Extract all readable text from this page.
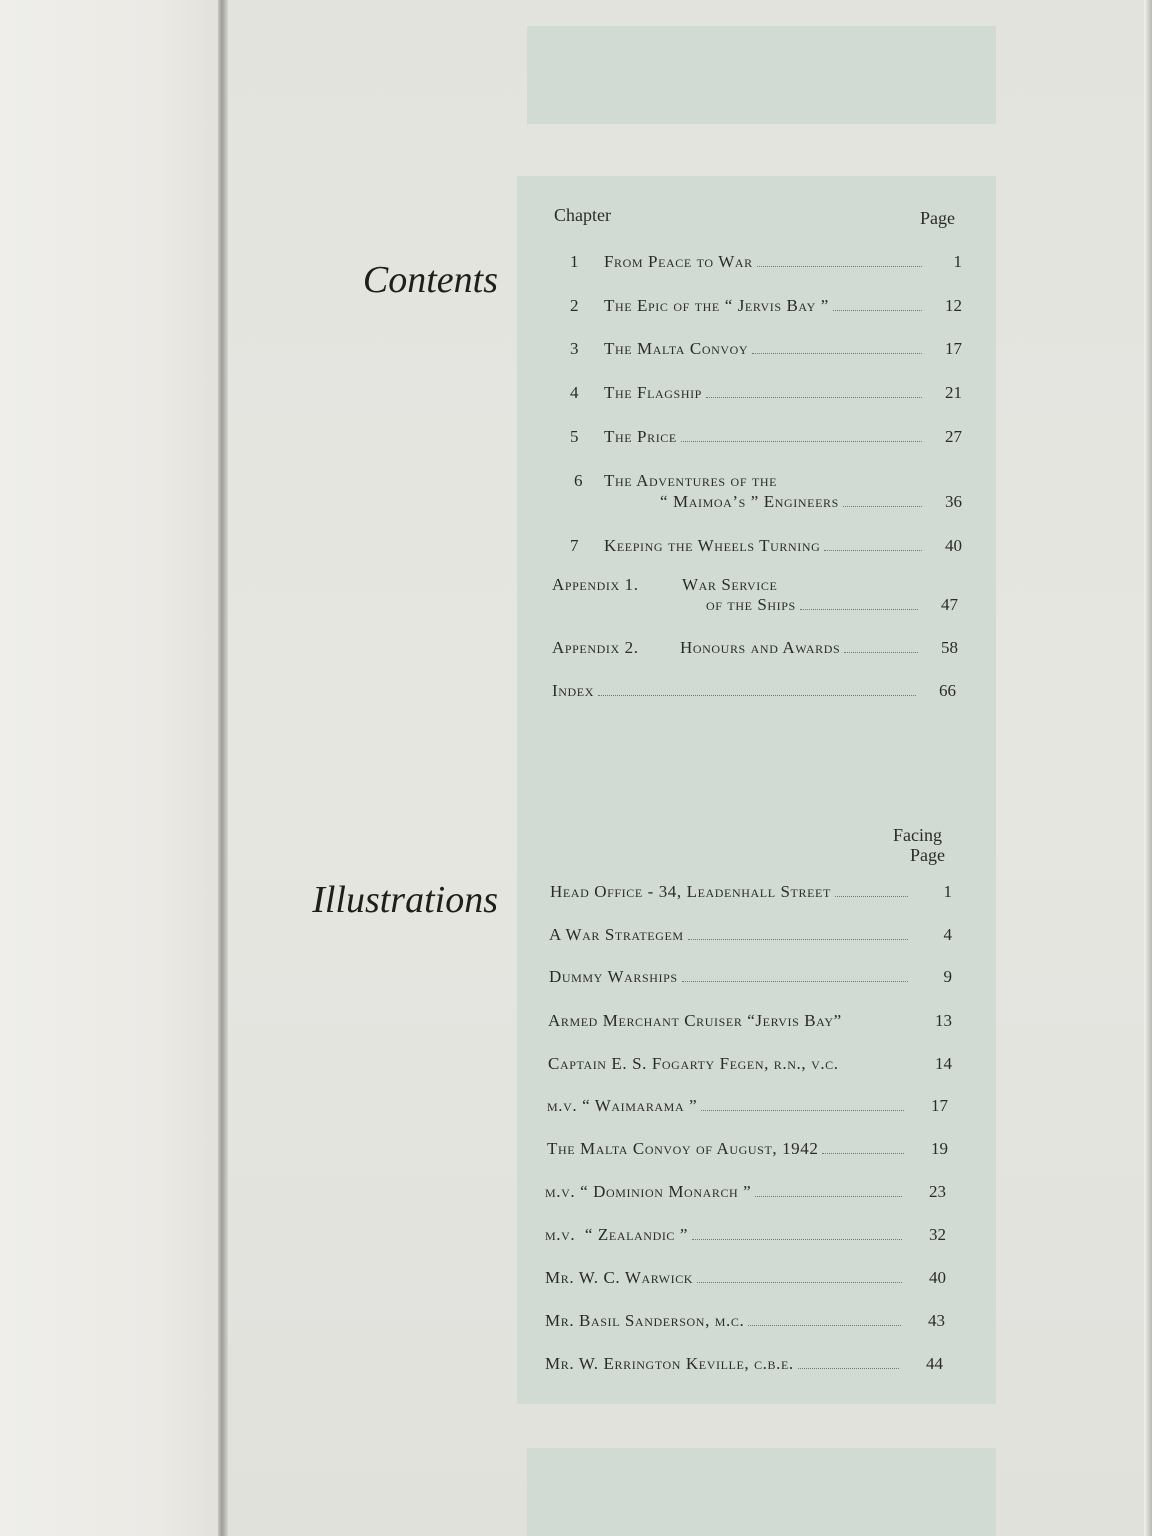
Contents
Illustrations
Chapter	Page
1	From Peace to War	1
2	The Epic of the “ Jervis Bay ”	12
3	The Malta Convoy	17
4	The Flagship	21
5	The Price	27
6 The Adventures of the
“ Maimoa’s ” Engineers	36
7	Keeping the Wheels Turning	40
Appendix 1.	War Service
of the Ships	47
Appendix 2.	Honours and Awards	58
Index	66
Facing
Page
Head Office - 34, Leadenhall Street	1
A War Strategem	4
Dummy Warships	9
Armed Merchant Cruiser “Jervis Bay”	13
Captain E. S. Fogarty Fegen, r.n., v.c.	14
m.v. “ Waimarama ”	17
The Malta Convoy of August, 1942	19
m.v. “ Dominion Monarch ”	23
m.v.  “ Zealandic ”	32
Mr. W. C. Warwick	40
Mr. Basil Sanderson, m.c.	43
Mr. W. Errington Keville, c.b.e.	44
